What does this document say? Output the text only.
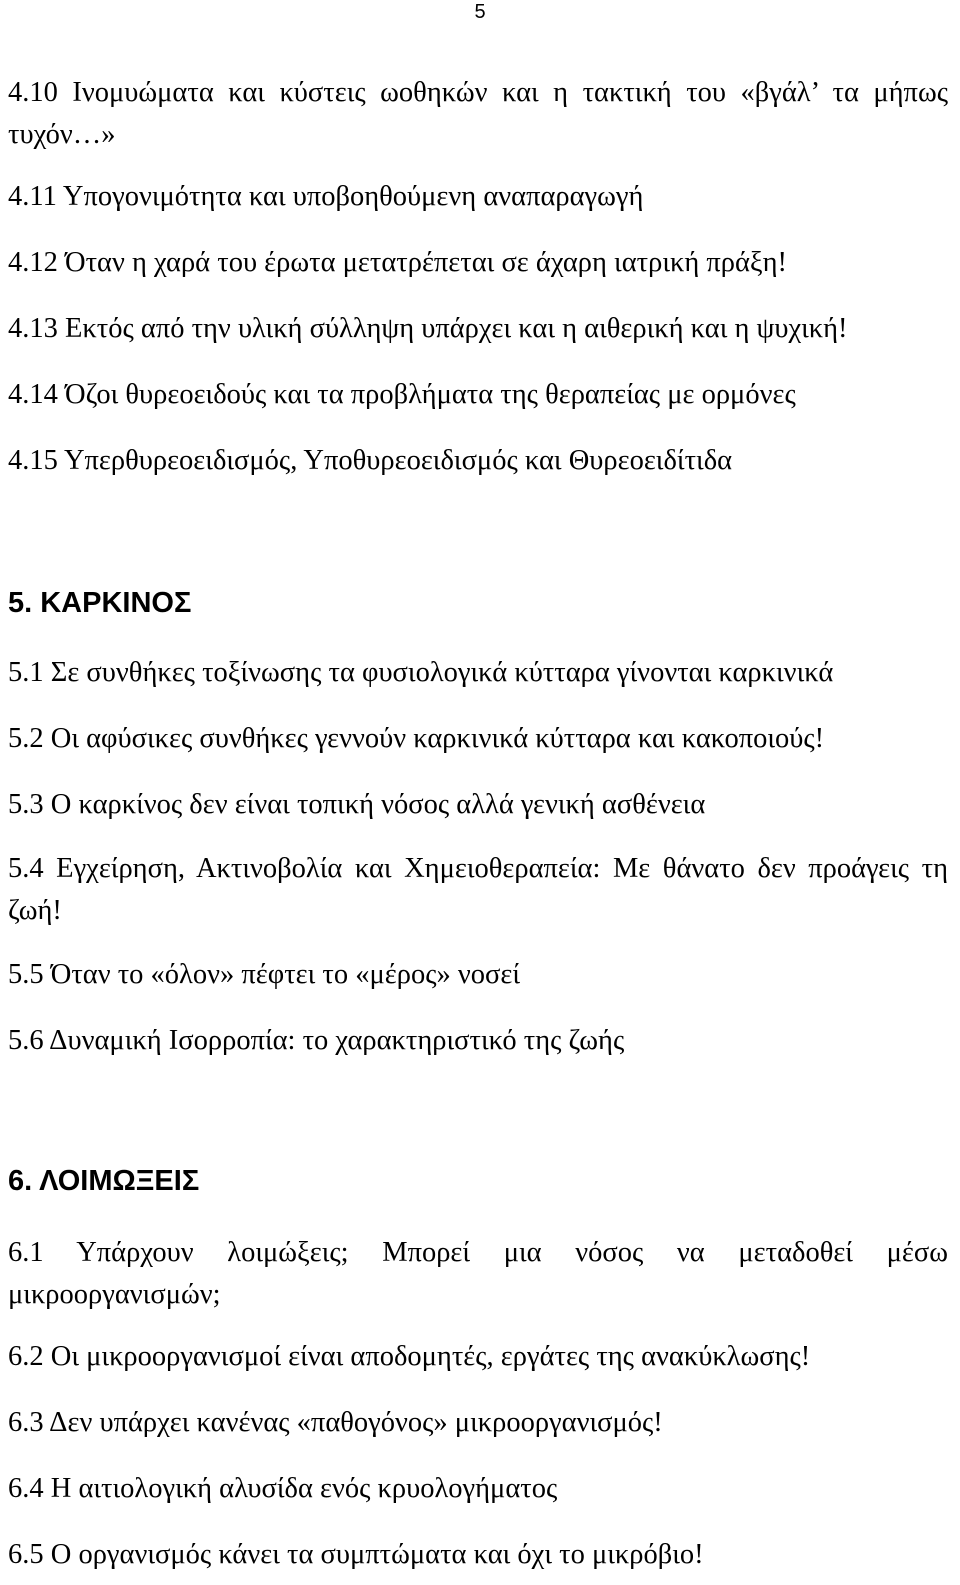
5

4.10 Ινομυώματα και κύστεις ωοθηκών και η τακτική του «βγάλ’ τα μήπως τυχόν…»

4.11 Υπογονιμότητα και υποβοηθούμενη αναπαραγωγή

4.12 Όταν η χαρά του έρωτα μετατρέπεται σε άχαρη ιατρική πράξη!

4.13 Εκτός από την υλική σύλληψη υπάρχει και η αιθερική και η ψυχική!

4.14 Όζοι θυρεοειδούς και τα προβλήματα της θεραπείας με ορμόνες

4.15 Υπερθυρεοειδισμός, Υποθυρεοειδισμός και Θυρεοειδίτιδα

5. ΚΑΡΚΙΝΟΣ

5.1 Σε συνθήκες τοξίνωσης τα φυσιολογικά κύτταρα γίνονται καρκινικά

5.2 Οι αφύσικες συνθήκες γεννούν καρκινικά κύτταρα και κακοποιούς!

5.3 Ο καρκίνος δεν είναι τοπική νόσος αλλά γενική ασθένεια

5.4 Εγχείρηση, Ακτινοβολία και Χημειοθεραπεία: Με θάνατο δεν προάγεις τη ζωή!

5.5 Όταν το «όλον» πέφτει το «μέρος» νοσεί

5.6 Δυναμική Ισορροπία: το χαρακτηριστικό της ζωής

6. ΛΟΙΜΩΞΕΙΣ

6.1 Υπάρχουν λοιμώξεις; Μπορεί μια νόσος να μεταδοθεί μέσω μικροοργανισμών;

6.2 Οι μικροοργανισμοί είναι αποδομητές, εργάτες της ανακύκλωσης!

6.3 Δεν υπάρχει κανένας «παθογόνος» μικροοργανισμός!

6.4 Η αιτιολογική αλυσίδα ενός κρυολογήματος

6.5 Ο οργανισμός κάνει τα συμπτώματα και όχι το μικρόβιο!
